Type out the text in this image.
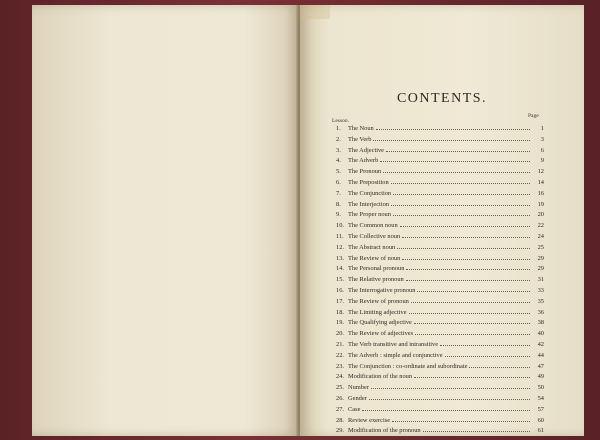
CONTENTS.
Lesson.
Page
1.	The Noun	1
2.	The Verb	3
3.	The Adjective	6
4.	The Adverb	9
5.	The Pronoun	12
6.	The Preposition	14
7.	The Conjunction	16
8.	The Interjection	19
9.	The Proper noun	20
10. The Common noun	22
11. The Collective noun	24
12. The Abstract noun	25
13. The Review of noun	29
14. The Personal pronoun	29
15. The Relative pronoun	31
16. The Interrogative pronoun	33
17. The Review of pronoun	35
18. The Limiting adjective	36
19. The Qualifying adjective	38
20. The Review of adjectives	40
21. The Verb transitive and intransitive	42
22. The Adverb : simple and conjunctive	44
23. The Conjunction : co-ordinate and subordinate	47
24. Modification of the noun	49
25. Number	50
26. Gender	54
27. Case	57
28. Review exercise	60
29. Modification of the pronoun	61
